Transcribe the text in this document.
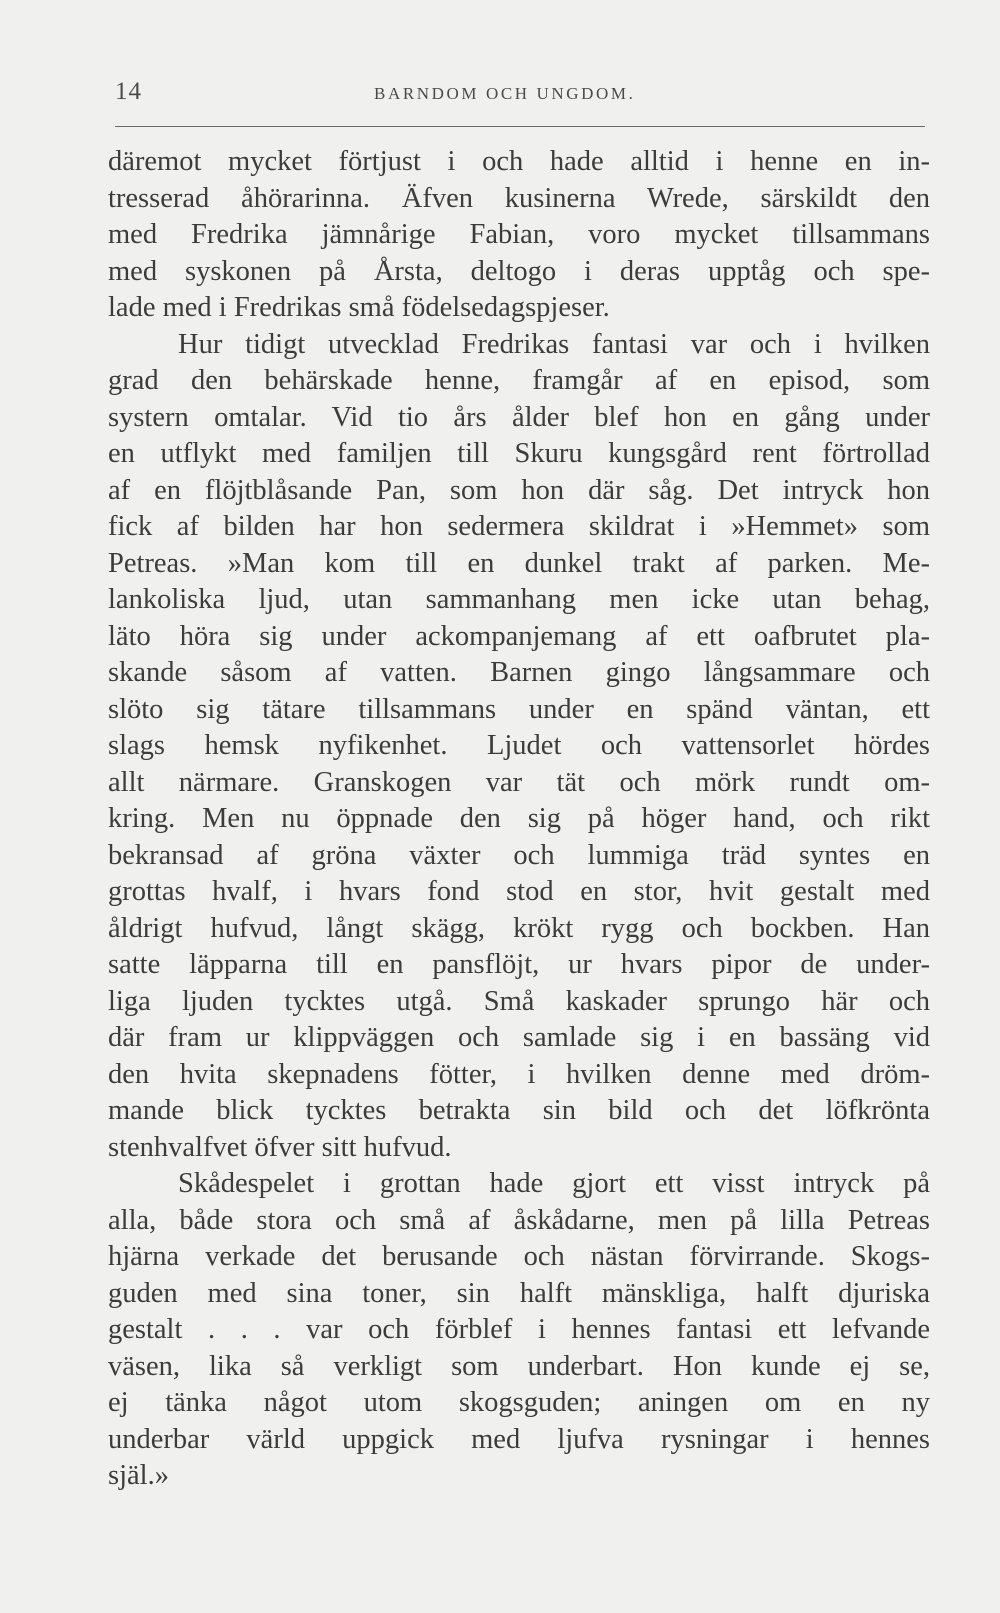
14	BARNDOM OCH UNGDOM.
däremot mycket förtjust i och hade alltid i henne en in-
tresserad åhörarinna. Äfven kusinerna Wrede, särskildt den
med Fredrika jämnårige Fabian, voro mycket tillsammans
med syskonen på Årsta, deltogo i deras upptåg och spe-
lade med i Fredrikas små födelsedagspjeser.
Hur tidigt utvecklad Fredrikas fantasi var och i hvilken
grad den behärskade henne, framgår af en episod, som
systern omtalar. Vid tio års ålder blef hon en gång under
en utflykt med familjen till Skuru kungsgård rent förtrollad
af en flöjtblåsande Pan, som hon där såg. Det intryck hon
fick af bilden har hon sedermera skildrat i »Hemmet» som
Petreas. »Man kom till en dunkel trakt af parken. Me-
lankoliska ljud, utan sammanhang men icke utan behag,
läto höra sig under ackompanjemang af ett oafbrutet pla-
skande såsom af vatten. Barnen gingo långsammare och
slöto sig tätare tillsammans under en spänd väntan, ett
slags hemsk nyfikenhet. Ljudet och vattensorlet hördes
allt närmare. Granskogen var tät och mörk rundt om-
kring. Men nu öppnade den sig på höger hand, och rikt
bekransad af gröna växter och lummiga träd syntes en
grottas hvalf, i hvars fond stod en stor, hvit gestalt med
åldrigt hufvud, långt skägg, krökt rygg och bockben. Han
satte läpparna till en pansflöjt, ur hvars pipor de under-
liga ljuden tycktes utgå. Små kaskader sprungo här och
där fram ur klippväggen och samlade sig i en bassäng vid
den hvita skepnadens fötter, i hvilken denne med dröm-
mande blick tycktes betrakta sin bild och det löfkrönta
stenhvalfvet öfver sitt hufvud.
Skådespelet i grottan hade gjort ett visst intryck på
alla, både stora och små af åskådarne, men på lilla Petreas
hjärna verkade det berusande och nästan förvirrande. Skogs-
guden med sina toner, sin halft mänskliga, halft djuriska
gestalt . . . var och förblef i hennes fantasi ett lefvande
väsen, lika så verkligt som underbart. Hon kunde ej se,
ej tänka något utom skogsguden; aningen om en ny
underbar värld uppgick med ljufva rysningar i hennes
själ.»
